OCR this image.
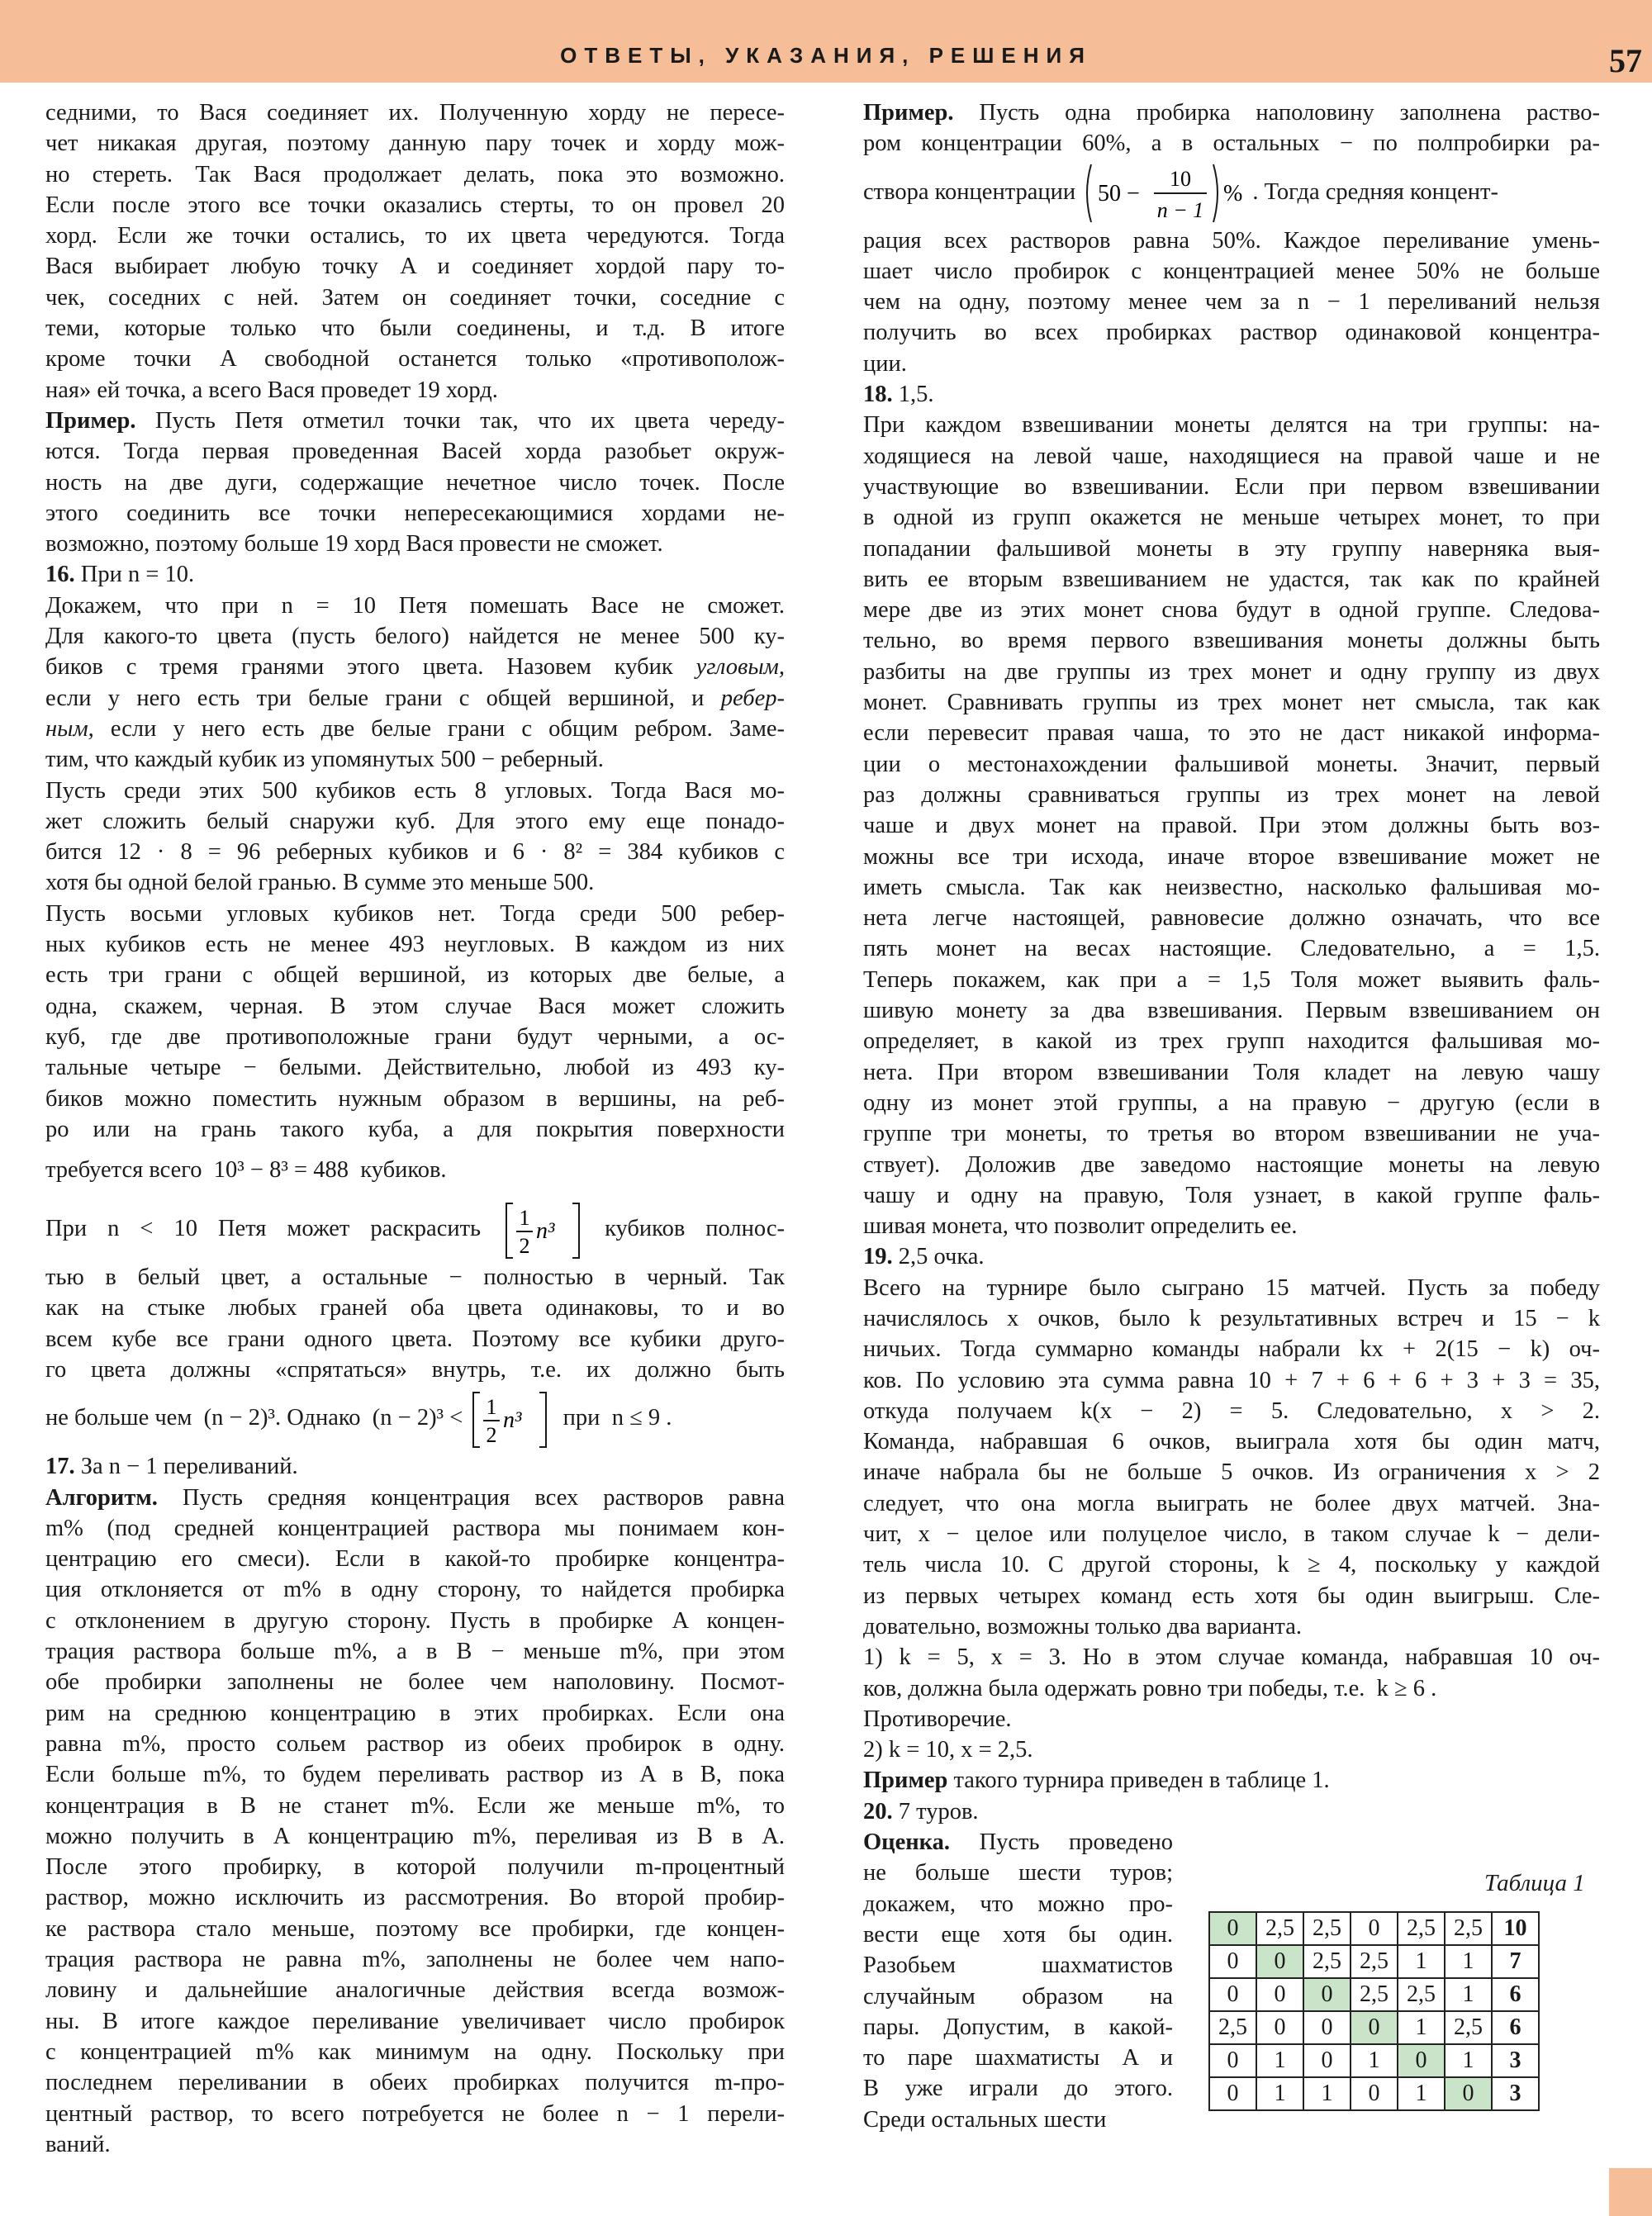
ОТВЕТЫ, УКАЗАНИЯ, РЕШЕНИЯ	57
седними, то Вася соединяет их. Полученную хорду не пересе-
чет никакая другая, поэтому данную пару точек и хорду мож-
но стереть. Так Вася продолжает делать, пока это возможно.
Если после этого все точки оказались стерты, то он провел 20
хорд. Если же точки остались, то их цвета чередуются. Тогда
Вася выбирает любую точку A и соединяет хордой пару то-
чек, соседних с ней. Затем он соединяет точки, соседние с
теми, которые только что были соединены, и т.д. В итоге
кроме точки A свободной останется только «противополож-
ная» ей точка, а всего Вася проведет 19 хорд.
Пример. Пусть Петя отметил точки так, что их цвета череду-
ются. Тогда первая проведенная Васей хорда разобьет окруж-
ность на две дуги, содержащие нечетное число точек. После
этого соединить все точки непересекающимися хордами не-
возможно, поэтому больше 19 хорд Вася провести не сможет.
16. При n = 10.
Докажем, что при n = 10 Петя помешать Васе не сможет.
Для какого-то цвета (пусть белого) найдется не менее 500 ку-
биков с тремя гранями этого цвета. Назовем кубик угловым,
если у него есть три белые грани с общей вершиной, и ребер-
ным, если у него есть две белые грани с общим ребром. Заме-
тим, что каждый кубик из упомянутых 500 − реберный.
Пусть среди этих 500 кубиков есть 8 угловых. Тогда Вася мо-
жет сложить белый снаружи куб. Для этого ему еще понадо-
бится 12 · 8 = 96 реберных кубиков и 6 · 8² = 384 кубиков с
хотя бы одной белой гранью. В сумме это меньше 500.
Пусть восьми угловых кубиков нет. Тогда среди 500 ребер-
ных кубиков есть не менее 493 неугловых. В каждом из них
есть три грани с общей вершиной, из которых две белые, а
одна, скажем, черная. В этом случае Вася может сложить
куб, где две противоположные грани будут черными, а ос-
тальные четыре − белыми. Действительно, любой из 493 ку-
биков можно поместить нужным образом в вершины, на реб-
ро или на грань такого куба, а для покрытия поверхности
требуется всего 10³ − 8³ = 488 кубиков.
При n < 10 Петя может раскрасить 1
2
n³ кубиков полнос-
тью в белый цвет, а остальные − полностью в черный. Так
как на стыке любых граней оба цвета одинаковы, то и во
всем кубе все грани одного цвета. Поэтому все кубики друго-
го цвета должны «спрятаться» внутрь, т.е. их должно быть
не больше чем (n − 2)³. Однако (n − 2)³ < 1
2
n³ при n ≤ 9 .
17. За n − 1 переливаний.
Алгоритм. Пусть средняя концентрация всех растворов равна
m% (под средней концентрацией раствора мы понимаем кон-
центрацию его смеси). Если в какой-то пробирке концентра-
ция отклоняется от m% в одну сторону, то найдется пробирка
с отклонением в другую сторону. Пусть в пробирке A концен-
трация раствора больше m%, а в B − меньше m%, при этом
обе пробирки заполнены не более чем наполовину. Посмот-
рим на среднюю концентрацию в этих пробирках. Если она
равна m%, просто сольем раствор из обеих пробирок в одну.
Если больше m%, то будем переливать раствор из A в B, пока
концентрация в B не станет m%. Если же меньше m%, то
можно получить в A концентрацию m%, переливая из B в A.
После этого пробирку, в которой получили m-процентный
раствор, можно исключить из рассмотрения. Во второй пробир-
ке раствора стало меньше, поэтому все пробирки, где концен-
трация раствора не равна m%, заполнены не более чем напо-
ловину и дальнейшие аналогичные действия всегда возмож-
ны. В итоге каждое переливание увеличивает число пробирок
с концентрацией m% как минимум на одну. Поскольку при
последнем переливании в обеих пробирках получится m-про-
центный раствор, то всего потребуется не более n − 1 перели-
ваний.
Пример. Пусть одна пробирка наполовину заполнена раство-
ром концентрации 60%, а в остальных − по полпробирки ра-
створа концентрации 50 −
10
n − 1
% . Тогда средняя концент-
рация всех растворов равна 50%. Каждое переливание умень-
шает число пробирок с концентрацией менее 50% не больше
чем на одну, поэтому менее чем за n − 1 переливаний нельзя
получить во всех пробирках раствор одинаковой концентра-
ции.
18. 1,5.
При каждом взвешивании монеты делятся на три группы: на-
ходящиеся на левой чаше, находящиеся на правой чаше и не
участвующие во взвешивании. Если при первом взвешивании
в одной из групп окажется не меньше четырех монет, то при
попадании фальшивой монеты в эту группу наверняка выя-
вить ее вторым взвешиванием не удастся, так как по крайней
мере две из этих монет снова будут в одной группе. Следова-
тельно, во время первого взвешивания монеты должны быть
разбиты на две группы из трех монет и одну группу из двух
монет. Сравнивать группы из трех монет нет смысла, так как
если перевесит правая чаша, то это не даст никакой информа-
ции о местонахождении фальшивой монеты. Значит, первый
раз должны сравниваться группы из трех монет на левой
чаше и двух монет на правой. При этом должны быть воз-
можны все три исхода, иначе второе взвешивание может не
иметь смысла. Так как неизвестно, насколько фальшивая мо-
нета легче настоящей, равновесие должно означать, что все
пять монет на весах настоящие. Следовательно, a = 1,5.
Теперь покажем, как при a = 1,5 Толя может выявить фаль-
шивую монету за два взвешивания. Первым взвешиванием он
определяет, в какой из трех групп находится фальшивая мо-
нета. При втором взвешивании Толя кладет на левую чашу
одну из монет этой группы, а на правую − другую (если в
группе три монеты, то третья во втором взвешивании не уча-
ствует). Доложив две заведомо настоящие монеты на левую
чашу и одну на правую, Толя узнает, в какой группе фаль-
шивая монета, что позволит определить ее.
19. 2,5 очка.
Всего на турнире было сыграно 15 матчей. Пусть за победу
начислялось x очков, было k результативных встреч и 15 − k
ничьих. Тогда суммарно команды набрали kx + 2(15 − k) оч-
ков. По условию эта сумма равна 10 + 7 + 6 + 6 + 3 + 3 = 35,
откуда получаем k(x − 2) = 5. Следовательно, x > 2.
Команда, набравшая 6 очков, выиграла хотя бы один матч,
иначе набрала бы не больше 5 очков. Из ограничения x > 2
следует, что она могла выиграть не более двух матчей. Зна-
чит, x − целое или полуцелое число, в таком случае k − дели-
тель числа 10. С другой стороны, k ≥ 4, поскольку у каждой
из первых четырех команд есть хотя бы один выигрыш. Сле-
довательно, возможны только два варианта.
1) k = 5, x = 3. Но в этом случае команда, набравшая 10 оч-
ков, должна была одержать ровно три победы, т.е. k ≥ 6 .
Противоречие.
2) k = 10, x = 2,5.
Пример такого турнира приведен в таблице 1.
20. 7 туров.
Оценка. Пусть проведено
не больше шести туров;
докажем, что можно про-
вести еще хотя бы один.
Разобьем шахматистов
случайным образом на
пары. Допустим, в какой-
то паре шахматисты A и
B уже играли до этого.
Среди остальных шести
Таблица 1
0	2,5	2,5	0	2,5	2,5	10
0	0	2,5	2,5	1	1	7
0	0	0	2,5	2,5	1	6
2,5	0	0	0	1	2,5	6
0	1	0	1	0	1	3
0	1	1	0	1	0	3
